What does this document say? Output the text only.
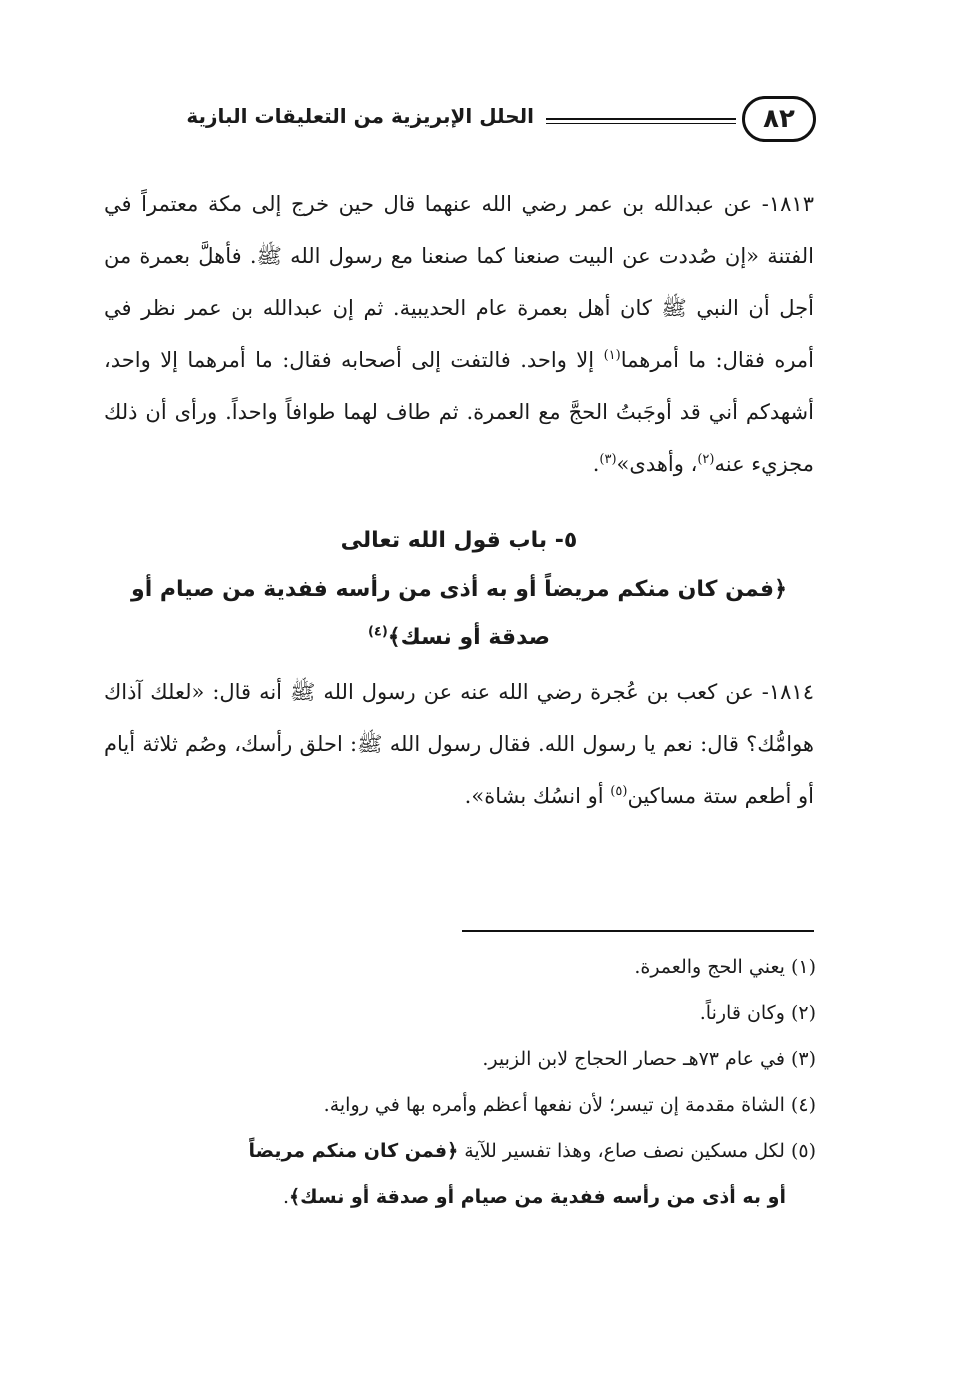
٨٢
الحلل الإبريزية من التعليقات البازية

١٨١٣- عن عبدالله بن عمر رضي الله عنهما قال حين خرج إلى مكة معتمراً في الفتنة «إن صُددت عن البيت صنعنا كما صنعنا مع رسول الله ﷺ. فأهلَّ بعمرة من أجل أن النبي ﷺ كان أهل بعمرة عام الحديبية. ثم إن عبدالله بن عمر نظر في أمره فقال: ما أمرهما$^{(١)}$ إلا واحد. فالتفت إلى أصحابه فقال: ما أمرهما إلا واحد، أشهدكم أني قد أوجَبتُ الحجَّ مع العمرة. ثم طاف لهما طوافاً واحداً. ورأى أن ذلك مجزيء عنه$^{(٢)}$، وأهدى»$^{(٣)}$.

٥- باب قول الله تعالى
﴿فمن كان منكم مريضاً أو به أذى من رأسه ففدية من صيام أو صدقة أو نسك﴾$^{(٤)}$

١٨١٤- عن كعب بن عُجرة رضي الله عنه عن رسول الله ﷺ أنه قال: «لعلك آذاك هوامُّك؟ قال: نعم يا رسول الله. فقال رسول الله ﷺ: احلق رأسك، وصُم ثلاثة أيام أو أطعم ستة مساكين$^{(٥)}$ أو انسُك بشاة».

(١) يعني الحج والعمرة.

(٢) وكان قارناً.

(٣) في عام ٧٣هـ حصار الحجاج لابن الزبير.

(٤) الشاة مقدمة إن تيسر؛ لأن نفعها أعظم وأمره بها في رواية.

(٥) لكل مسكين نصف صاع، وهذا تفسير للآية ﴿فمن كان منكم مريضاً

أو به أذى من رأسه ففدية من صيام أو صدقة أو نسك﴾.
